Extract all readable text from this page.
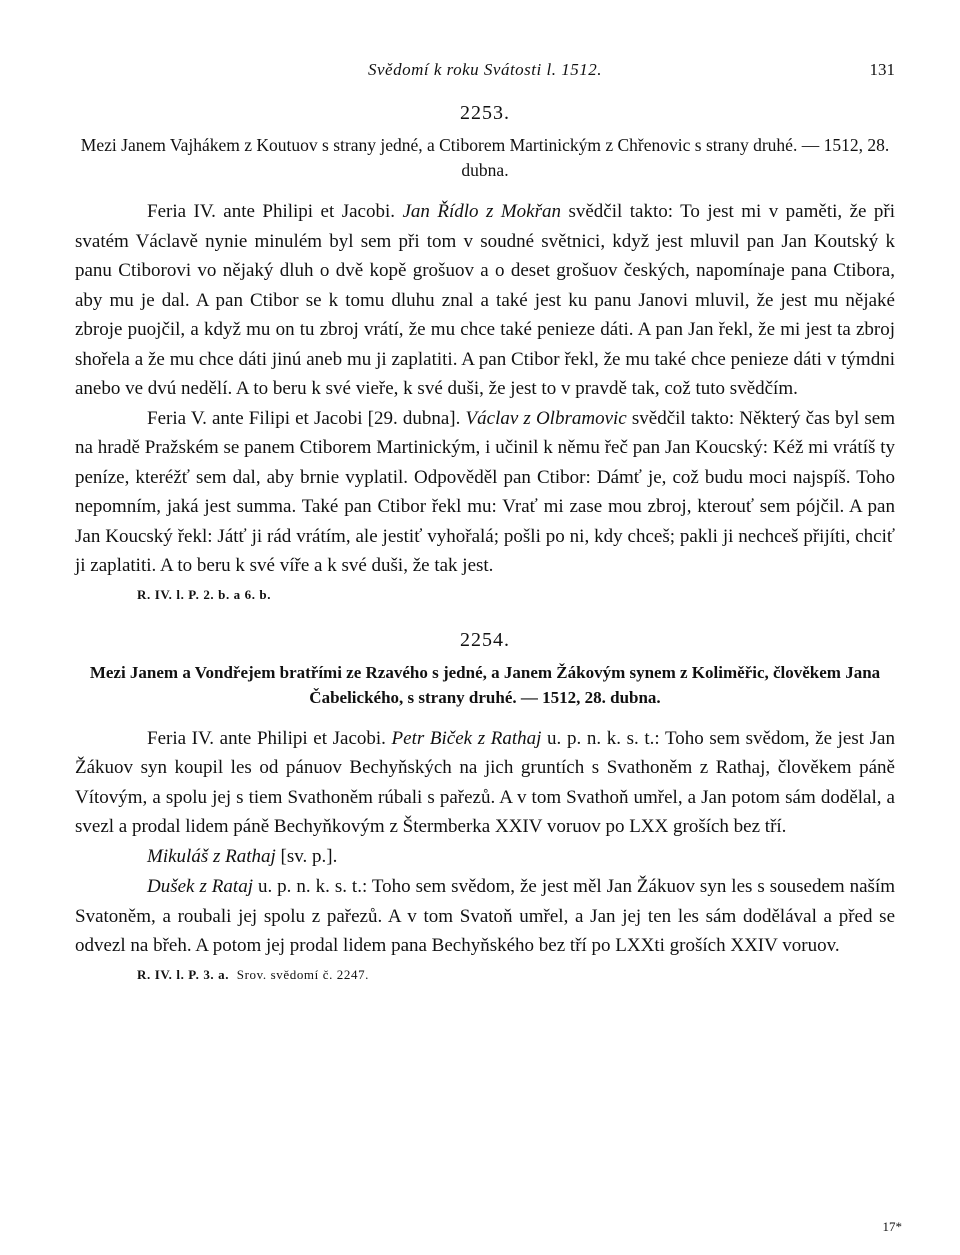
Svědomí k roku Svátosti l. 1512.	131
2253.
Mezi Janem Vajhákem z Koutuov s strany jedné, a Ctiborem Martinickým z Chřenovic s strany druhé. — 1512, 28. dubna.

Feria IV. ante Philipi et Jacobi. Jan Řídlo z Mokřan svědčil takto: To jest mi v paměti, že při svatém Václavě nynie minulém byl sem při tom v soudné světnici, když jest mluvil pan Jan Koutský k panu Ctiborovi vo nějaký dluh o dvě kopě grošuov a o deset grošuov českých, napomínaje pana Ctibora, aby mu je dal. A pan Ctibor se k tomu dluhu znal a také jest ku panu Janovi mluvil, že jest mu nějaké zbroje puojčil, a když mu on tu zbroj vrátí, že mu chce také penieze dáti. A pan Jan řekl, že mi jest ta zbroj shořela a že mu chce dáti jinú aneb mu ji zaplatiti. A pan Ctibor řekl, že mu také chce penieze dáti v týmdni anebo ve dvú nedělí. A to beru k své vieře, k své duši, že jest to v pravdě tak, což tuto svědčím.

Feria V. ante Filipi et Jacobi [29. dubna]. Václav z Olbramovic svědčil takto: Některý čas byl sem na hradě Pražském se panem Ctiborem Martinickým, i učinil k němu řeč pan Jan Koucský: Kéž mi vrátíš ty peníze, kteréžť sem dal, aby brnie vyplatil. Odpověděl pan Ctibor: Dámť je, což budu moci najspíš. Toho nepomním, jaká jest summa. Také pan Ctibor řekl mu: Vrať mi zase mou zbroj, kterouť sem pójčil. A pan Jan Koucský řekl: Játť ji rád vrátím, ale jestiť vyhořalá; pošli po ni, kdy chceš; pakli ji nechceš přijíti, chciť ji zaplatiti. A to beru k své víře a k své duši, že tak jest.

R. IV. l. P. 2. b. a 6. b.
2254.
Mezi Janem a Vondřejem bratřími ze Rzavého s jedné, a Janem Žákovým synem z Koliměřic, člověkem Jana Čabelického, s strany druhé. — 1512, 28. dubna.

Feria IV. ante Philipi et Jacobi. Petr Biček z Rathaj u. p. n. k. s. t.: Toho sem svědom, že jest Jan Žákuov syn koupil les od pánuov Bechyňských na jich gruntích s Svathoněm z Rathaj, člověkem páně Vítovým, a spolu jej s tiem Svathoněm rúbali s pařezů. A v tom Svathoň umřel, a Jan potom sám dodělal, a svezl a prodal lidem páně Bechyňkovým z Štermberka XXIV voruov po LXX groších bez tří.

Mikuláš z Rathaj [sv. p.].

Dušek z Rataj u. p. n. k. s. t.: Toho sem svědom, že jest měl Jan Žákuov syn les s sousedem naším Svatoněm, a roubali jej spolu z pařezů. A v tom Svatoň umřel, a Jan jej ten les sám dodělával a před se odvezl na břeh. A potom jej prodal lidem pana Bechyňského bez tří po LXXti groších XXIV voruov.

R. IV. l. P. 3. a. Srov. svědomí č. 2247.
17*
